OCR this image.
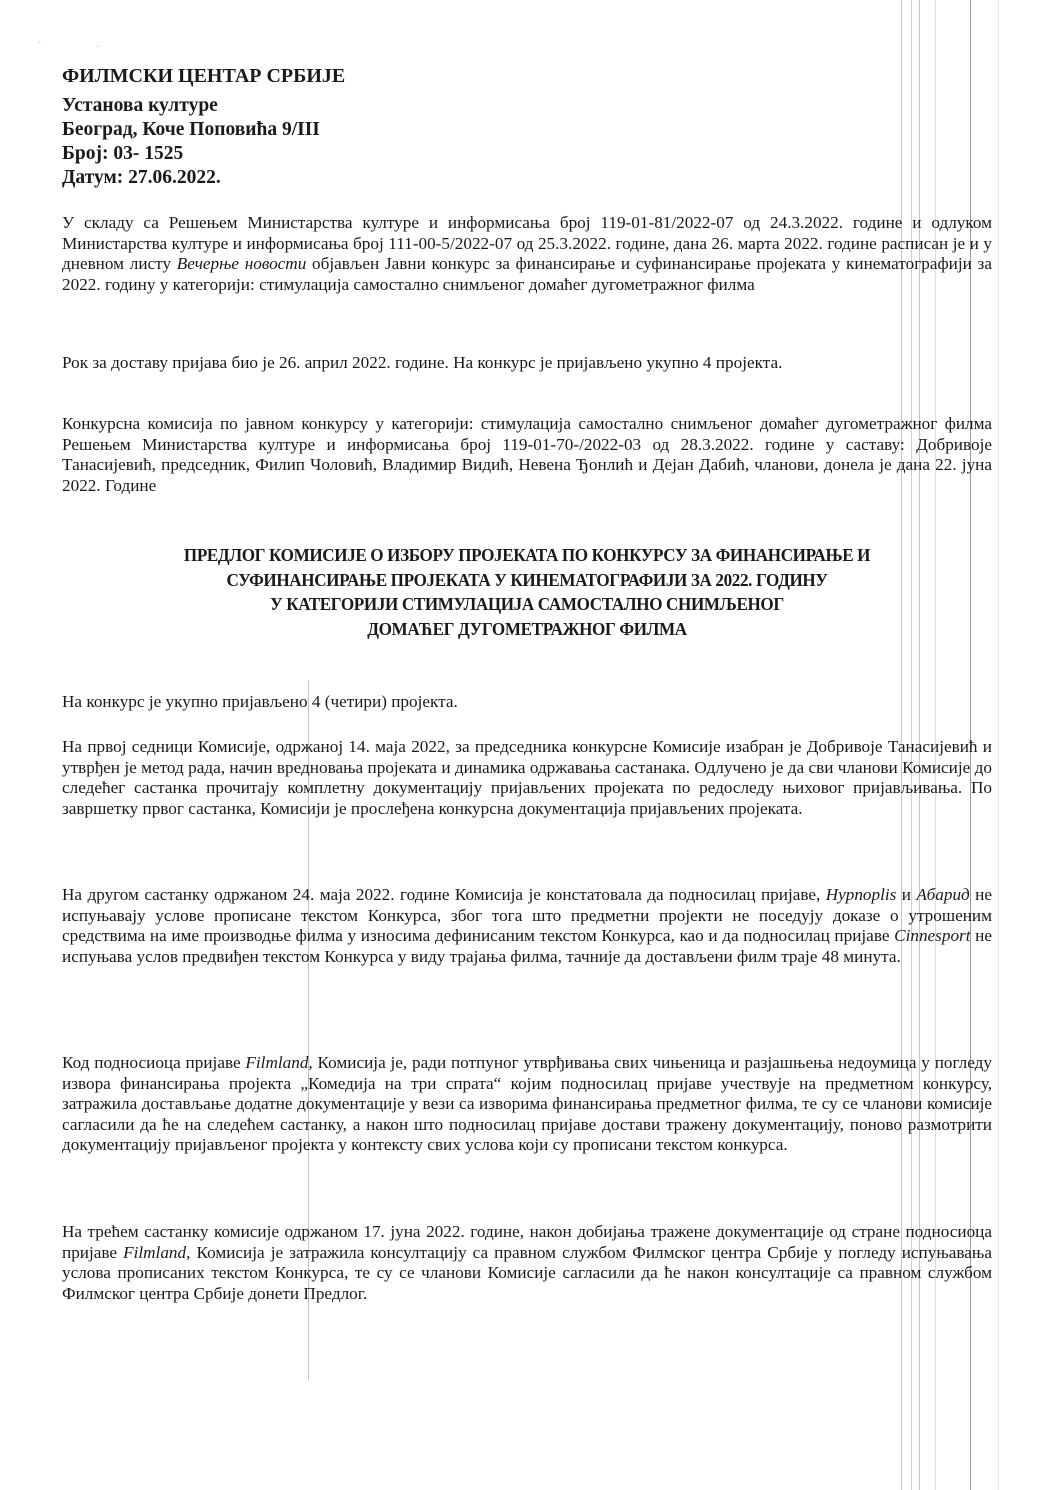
·	·
ФИЛМСКИ ЦЕНТАР СРБИЈЕ
Установа културе
Београд, Коче Поповића 9/III
Број: 03- 1525
Датум: 27.06.2022.

У складу са Решењем Министарства културе и информисања број 119-01-81/2022-07 од 24.3.2022. године и одлуком Министарства културе и информисања број 111-00-5/2022-07 од 25.3.2022. године, дана 26. марта 2022. године расписан је и у дневном листу Вечерње новости објављен Јавни конкурс за финансирање и суфинансирање пројеката у кинематографији за 2022. годину у категорији: стимулација самостално снимљеног домаћег дугометражног филма

Рок за доставу пријава био је 26. април 2022. године. На конкурс је пријављено укупно 4 пројекта.

Конкурсна комисија по јавном конкурсу у категорији: стимулација самостално снимљеног домаћег дугометражног филма Решењем Министарства културе и информисања број 119-01-70-/2022-03 од 28.3.2022. године у саставу: Добривоје Танасијевић, председник, Филип Чоловић, Владимир Видић, Невена Ђонлић и Дејан Дабић, чланови, донела је дана 22. јуна 2022. Године

ПРЕДЛОГ КОМИСИЈЕ О ИЗБОРУ ПРОЈЕКАТА ПО КОНКУРСУ ЗА ФИНАНСИРАЊЕ И
СУФИНАНСИРАЊЕ ПРОЈЕКАТА У КИНЕМАТОГРАФИЈИ ЗА 2022. ГОДИНУ
У КАТЕГОРИЈИ СТИМУЛАЦИЈА САМОСТАЛНО СНИМЉЕНОГ
ДОМАЋЕГ ДУГОМЕТРАЖНОГ ФИЛМА

На конкурс је укупно пријављено 4 (четири) пројекта.

На првој седници Комисије, одржаној 14. маја 2022, за председника конкурсне Комисије изабран је Добривоје Танасијевић и утврђен је метод рада, начин вредновања пројеката и динамика одржавања састанака. Одлучено је да сви чланови Комисије до следећег састанка прочитају комплетну документацију пријављених пројеката по редоследу њиховог пријављивања. По завршетку првог састанка, Комисији је прослеђена конкурсна документација пријављених пројеката.

На другом састанку одржаном 24. маја 2022. године Комисија је констатовала да подносилац пријаве, Hypnoplis и Абарид не испуњавају услове прописане текстом Конкурса, због тога што предметни пројекти не поседују доказе о утрошеним средствима на име производње филма у износима дефинисаним текстом Конкурса, као и да подносилац пријаве Cinnesport не испуњава услов предвиђен текстом Конкурса у виду трајања филма, тачније да достављени филм траје 48 минута.

Код подносиоца пријаве Filmland, Комисија је, ради потпуног утврђивања свих чињеница и разјашњења недоумица у погледу извора финансирања пројекта „Комедија на три спрата“ којим подносилац пријаве учествује на предметном конкурсу, затражила достављање додатне документације у вези са изворима финансирања предметног филма, те су се чланови комисије сагласили да ће на следећем састанку, а након што подносилац пријаве достави тражену документацију, поново размотрити документацију пријављеног пројекта у контексту свих услова који су прописани текстом конкурса.

На трећем састанку комисије одржаном 17. јуна 2022. године, након добијања тражене документације од стране подносиоца пријаве Filmland, Комисија је затражила консултацију са правном службом Филмског центра Србије у погледу испуњавања услова прописаних текстом Конкурса, те су се чланови Комисије сагласили да ће након консултације са правном службом Филмског центра Србије донети Предлог.
